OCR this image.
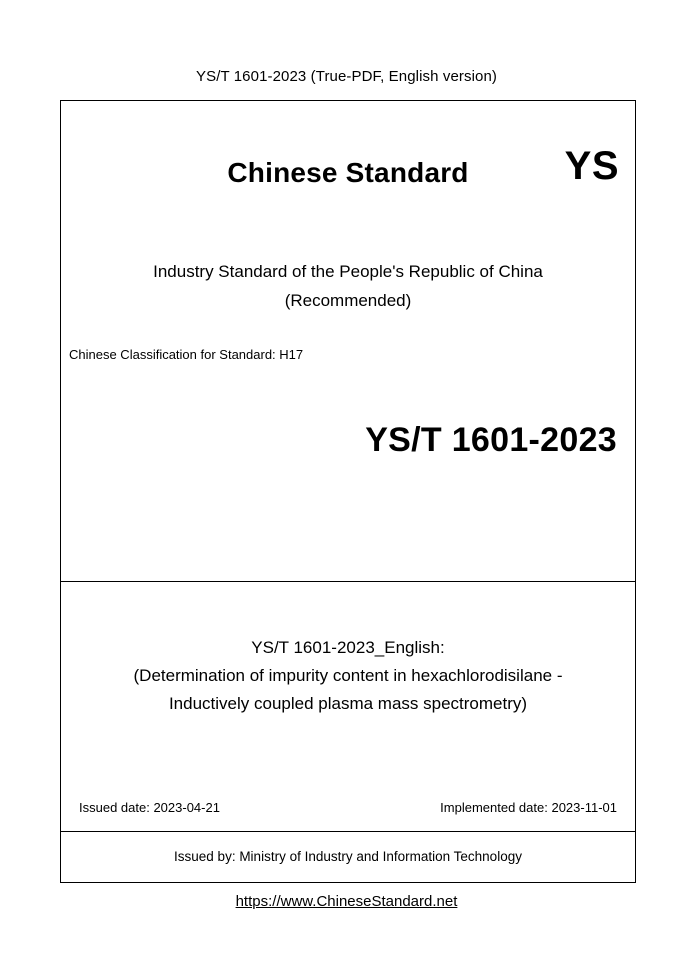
YS/T 1601-2023 (True-PDF, English version)
Chinese Standard	YS
Industry Standard of the People's Republic of China
(Recommended)
Chinese Classification for Standard: H17
YS/T 1601-2023
YS/T 1601-2023_English:
(Determination of impurity content in hexachlorodisilane -
Inductively coupled plasma mass spectrometry)
Issued date: 2023-04-21	Implemented date: 2023-11-01
Issued by: Ministry of Industry and Information Technology
https://www.ChineseStandard.net
